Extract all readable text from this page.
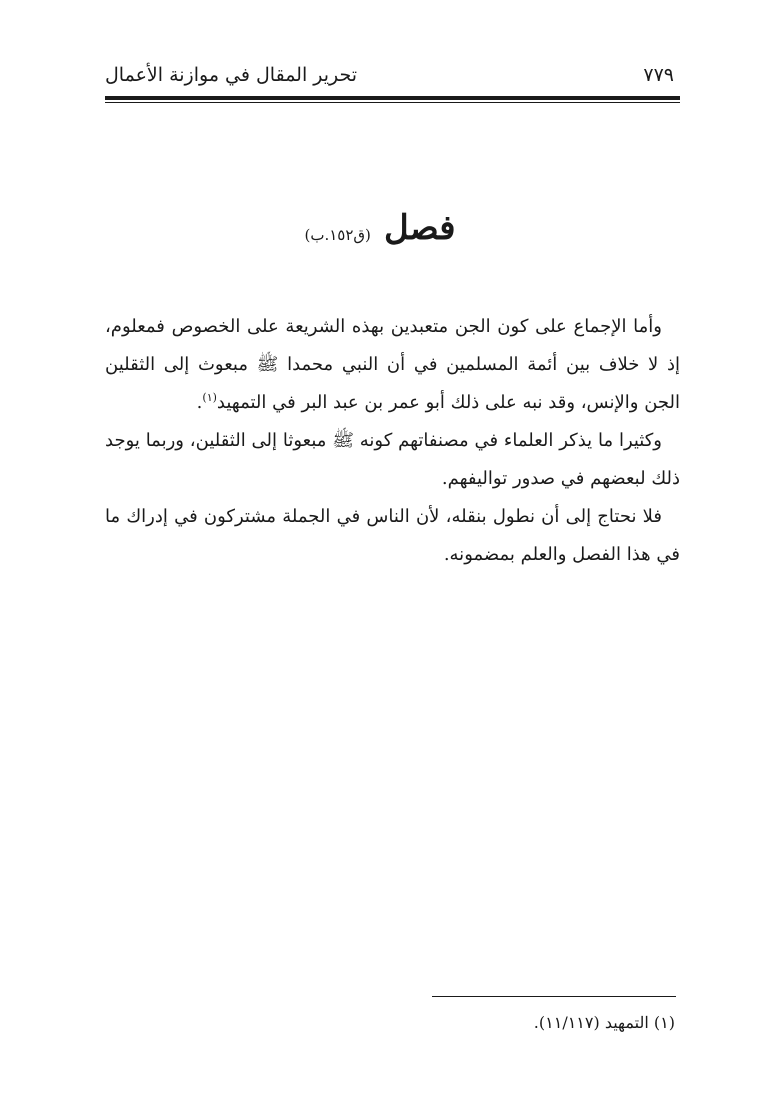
تحرير المقال في موازنة الأعمال	٧٧٩
فصل (ق١٥٢.ب)

وأما الإجماع على كون الجن متعبدين بهذه الشريعة على الخصوص فمعلوم، إذ لا خلاف بين أئمة المسلمين في أن النبي محمدا ﷺ مبعوث إلى الثقلين الجن والإنس، وقد نبه على ذلك أبو عمر بن عبد البر في التمهيد$^{(١)}$.

وكثيرا ما يذكر العلماء في مصنفاتهم كونه ﷺ مبعوثا إلى الثقلين، وربما يوجد ذلك لبعضهم في صدور تواليفهم.

فلا نحتاج إلى أن نطول بنقله، لأن الناس في الجملة مشتركون في إدراك ما في هذا الفصل والعلم بمضمونه.

(١) التمهيد (١١/١١٧).
